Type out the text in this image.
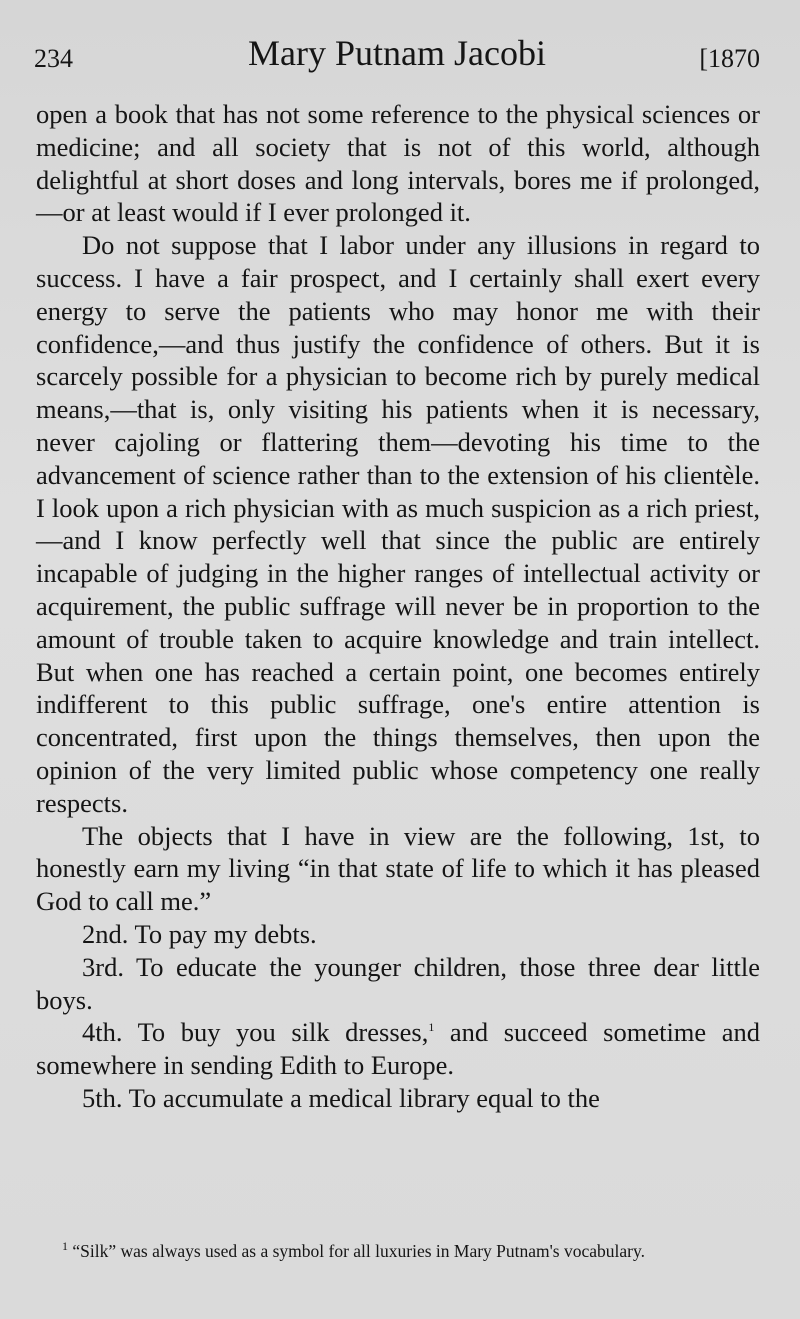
234	Mary Putnam Jacobi	[1870

open a book that has not some reference to the physical sciences or medicine; and all society that is not of this world, although delightful at short doses and long intervals, bores me if prolonged,—or at least would if I ever prolonged it.

Do not suppose that I labor under any illusions in regard to success. I have a fair prospect, and I certainly shall exert every energy to serve the patients who may honor me with their confidence,—and thus justify the confidence of others. But it is scarcely possible for a physician to become rich by purely medical means,—that is, only visiting his patients when it is necessary, never cajoling or flattering them—devoting his time to the advancement of science rather than to the extension of his clientèle. I look upon a rich physician with as much suspicion as a rich priest,—and I know perfectly well that since the public are entirely incapable of judging in the higher ranges of intellectual activity or acquirement, the public suffrage will never be in proportion to the amount of trouble taken to acquire knowledge and train intellect. But when one has reached a certain point, one becomes entirely indifferent to this public suffrage, one's entire attention is concentrated, first upon the things themselves, then upon the opinion of the very limited public whose competency one really respects.

The objects that I have in view are the following, 1st, to honestly earn my living “in that state of life to which it has pleased God to call me.”

2nd. To pay my debts.

3rd. To educate the younger children, those three dear little boys.

4th. To buy you silk dresses,$^1$ and succeed sometime and somewhere in sending Edith to Europe.

5th. To accumulate a medical library equal to the

$^1$ “Silk” was always used as a symbol for all luxuries in Mary Putnam's vocabulary.
